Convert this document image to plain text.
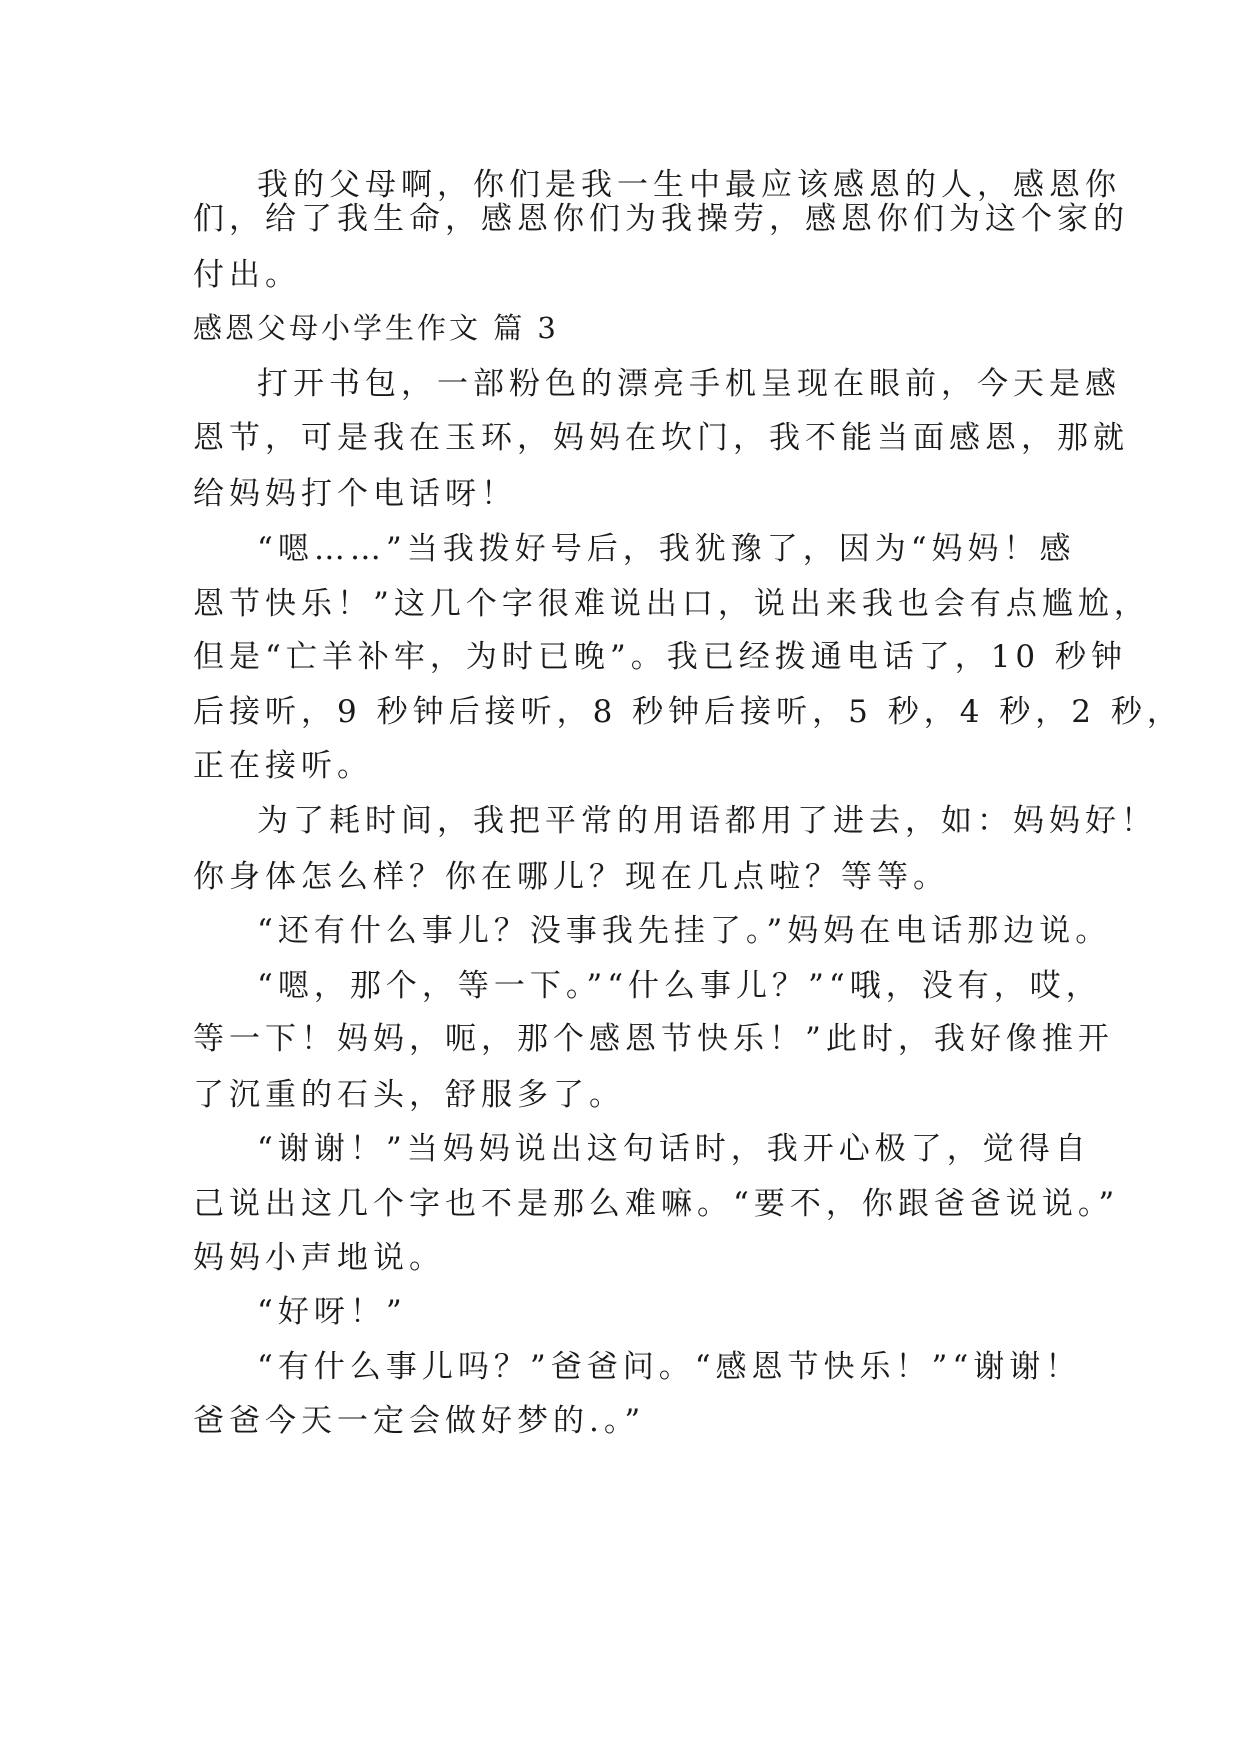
我的父母啊，你们是我一生中最应该感恩的人，感恩你
们，给了我生命，感恩你们为我操劳，感恩你们为这个家的
付出。
感恩父母小学生作文 篇 3
打开书包，一部粉色的漂亮手机呈现在眼前，今天是感
恩节，可是我在玉环，妈妈在坎门，我不能当面感恩，那就
给妈妈打个电话呀！
“嗯……”当我拨好号后，我犹豫了，因为“妈妈！感
恩节快乐！”这几个字很难说出口，说出来我也会有点尴尬，
但是“亡羊补牢，为时已晚”。我已经拨通电话了，10 秒钟
后接听，9 秒钟后接听，8 秒钟后接听，5 秒，4 秒，2 秒，
正在接听。
为了耗时间，我把平常的用语都用了进去，如：妈妈好！
你身体怎么样？你在哪儿？现在几点啦？等等。
“还有什么事儿？没事我先挂了。”妈妈在电话那边说。
“嗯，那个，等一下。”“什么事儿？”“哦，没有，哎，
等一下！妈妈，呃，那个感恩节快乐！”此时，我好像推开
了沉重的石头，舒服多了。
“谢谢！”当妈妈说出这句话时，我开心极了，觉得自
己说出这几个字也不是那么难嘛。“要不，你跟爸爸说说。”
妈妈小声地说。
“好呀！”
“有什么事儿吗？”爸爸问。“感恩节快乐！”“谢谢！
爸爸今天一定会做好梦的.。”
